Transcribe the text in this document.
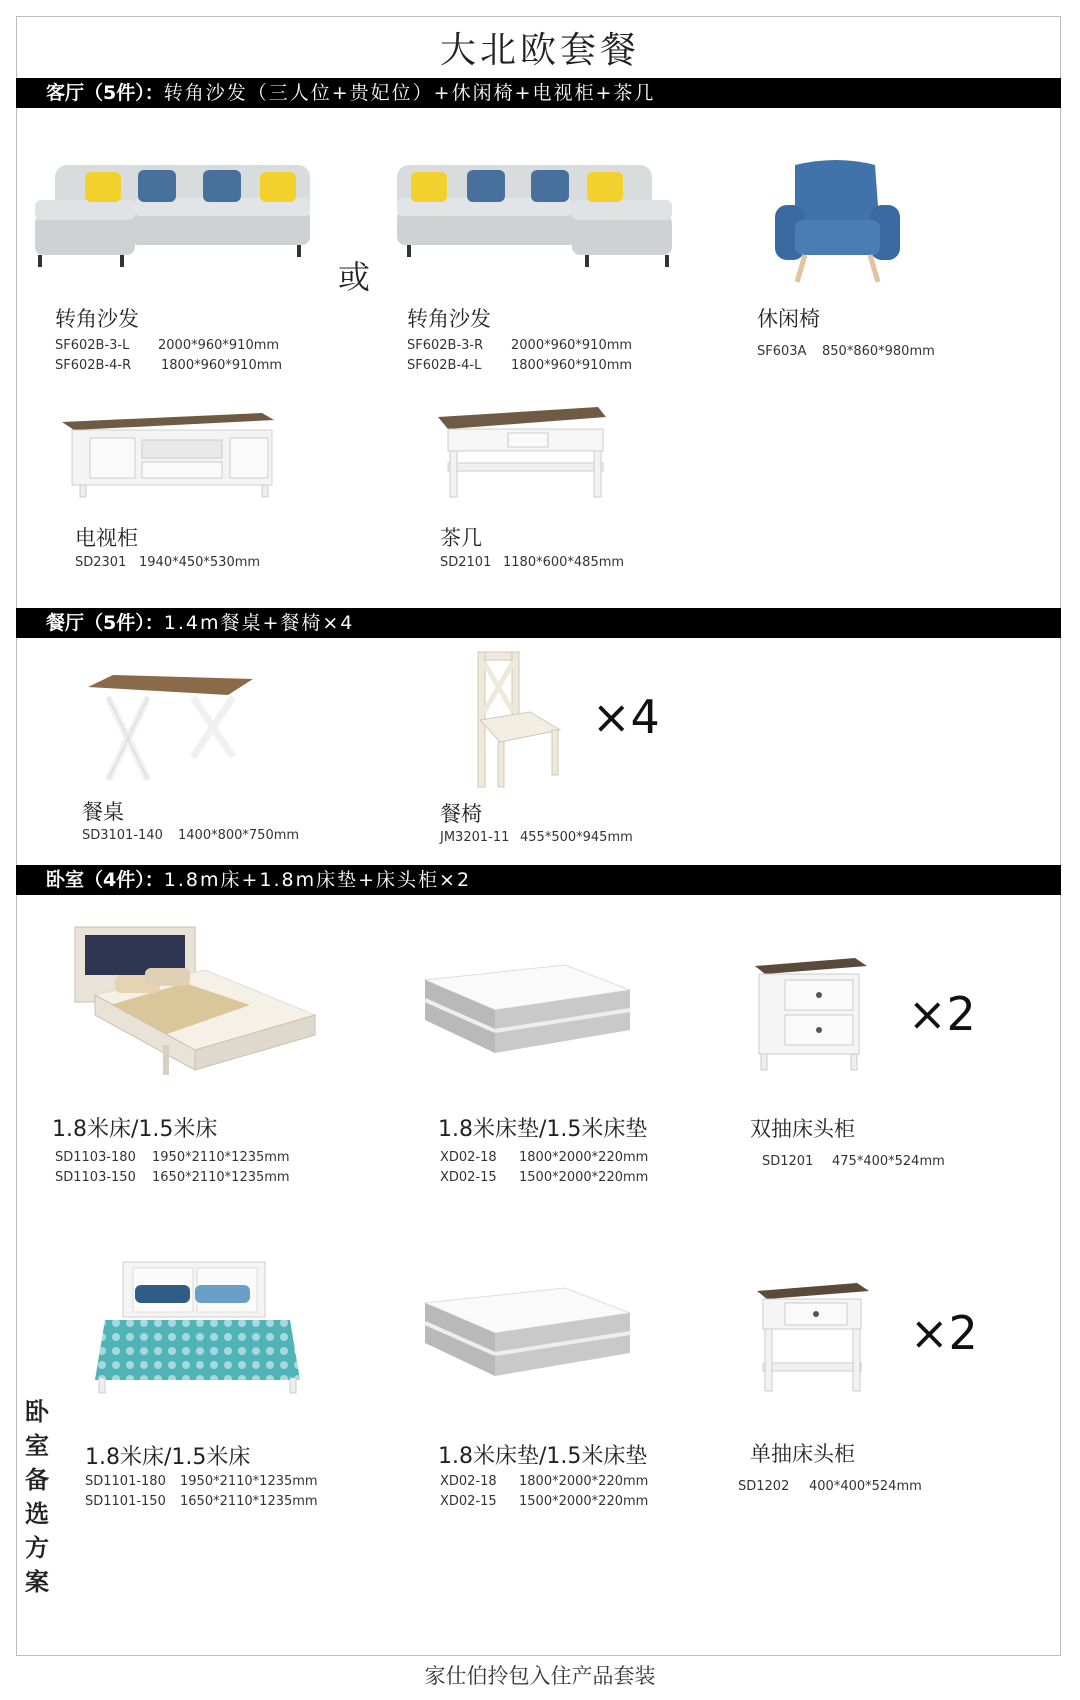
大北欧套餐
客厅（5件）：转角沙发（三人位+贵妃位）+休闲椅+电视柜+茶几
餐厅（5件）：1.4m餐桌+餐椅×4
卧室（4件）：1.8m床+1.8m床垫+床头柜×2
或
转角沙发
SF602B-3-L 2000*960*910mm
SF602B-4-R 1800*960*910mm
转角沙发
SF602B-3-R 2000*960*910mm
SF602B-4-L 1800*960*910mm
休闲椅
SF603A 850*860*980mm
电视柜
SD2301 1940*450*530mm
茶几
SD2101 1180*600*485mm
×4
餐桌
SD3101-140 1400*800*750mm
餐椅
JM3201-11 455*500*945mm
×2
1.8米床/1.5米床
SD1103-180 1950*2110*1235mm
SD1103-150 1650*2110*1235mm
1.8米床垫/1.5米床垫
XD02-18 1800*2000*220mm
XD02-15 1500*2000*220mm
双抽床头柜
SD1201 475*400*524mm
卧室备选方案
×2
1.8米床/1.5米床
SD1101-180 1950*2110*1235mm
SD1101-150 1650*2110*1235mm
1.8米床垫/1.5米床垫
XD02-18 1800*2000*220mm
XD02-15 1500*2000*220mm
单抽床头柜
SD1202 400*400*524mm
家仕伯拎包入住产品套装
